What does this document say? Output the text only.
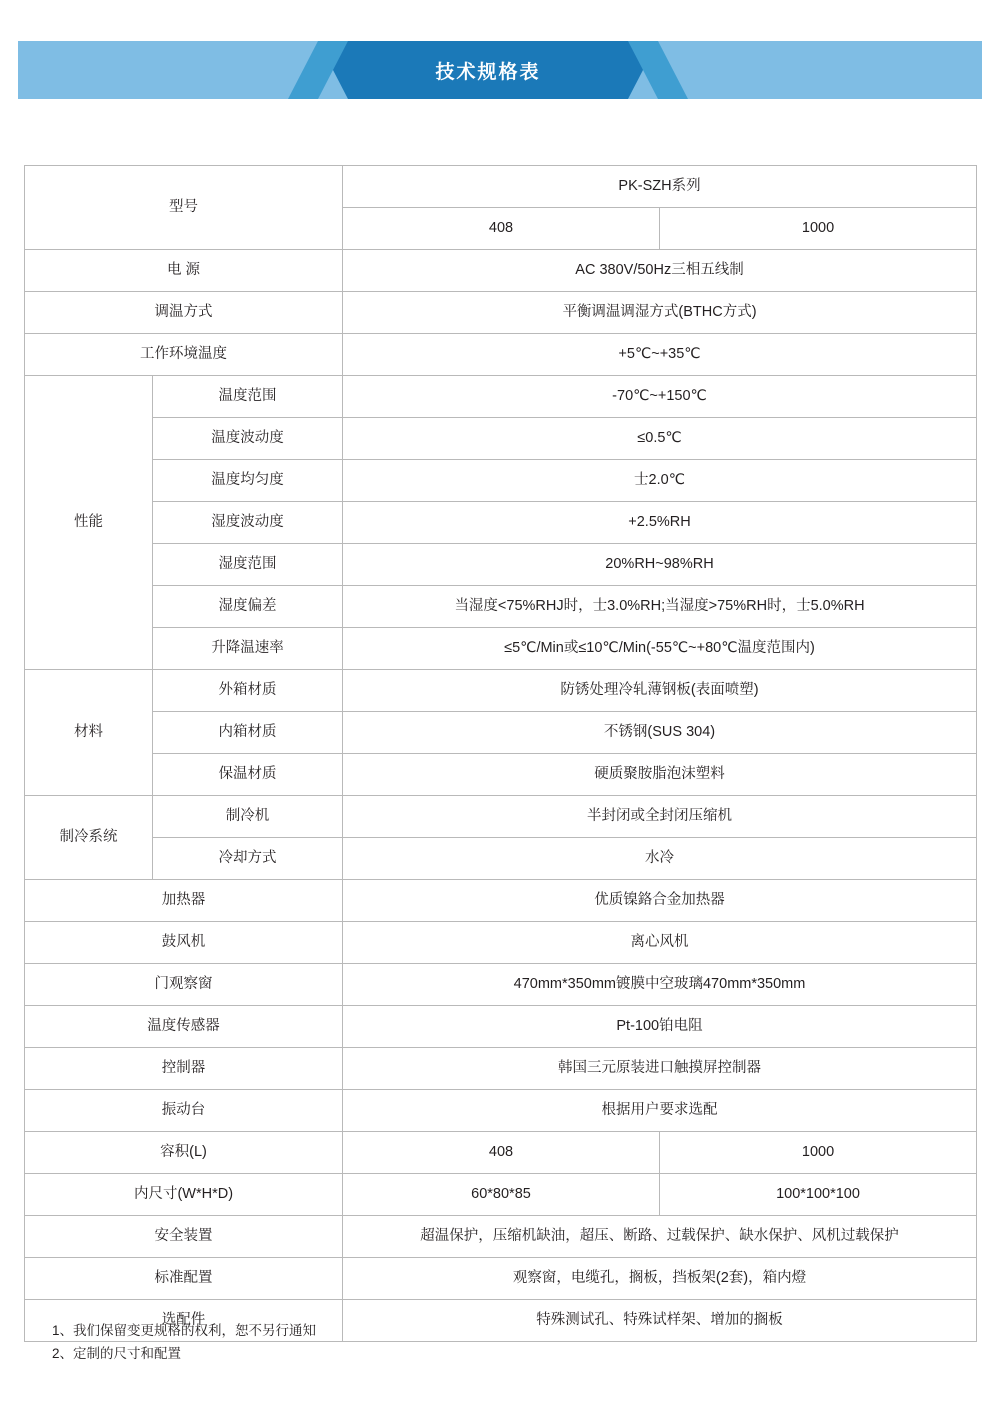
技术规格表
型号		PK-SZH系列	
		408	1000
电 源		AC 380V/50Hz三相五线制	
调温方式		平衡调温调湿方式(BTHC方式)	
工作环境温度		+5℃~+35℃	
性能	温度范围	-70℃~+150℃	
	温度波动度	≤0.5℃	
	温度均匀度	士2.0℃	
	湿度波动度	+2.5%RH	
	湿度范围	20%RH~98%RH	
	湿度偏差	当湿度<75%RHJ时，士3.0%RH;当湿度>75%RH时，士5.0%RH	
	升降温速率	≤5℃/Min或≤10℃/Min(-55℃~+80℃温度范围内)	
材料	外箱材质	防锈处理冷轧薄钢板(表面喷塑)	
	内箱材质	不锈钢(SUS 304)	
	保温材质	硬质聚胺脂泡沫塑料	
制冷系统	制冷机	半封闭或全封闭压缩机	
	冷却方式	水冷	
加热器		优质镍鉻合金加热器	
鼓风机		离心风机	
门观察窗		470mm*350mm镀膜中空玻璃470mm*350mm	
温度传感器		Pt-100铂电阻	
控制器		韩国三元原装进口触摸屏控制器	
振动台		根据用户要求选配	
容积(L)		408	1000
内尺寸(W*H*D)		60*80*85	100*100*100
安全装置		超温保护，压缩机缺油，超压、断路、过载保护、缺水保护、风机过载保护	
标准配置		观察窗，电缆孔，搁板，挡板架(2套)，箱内燈	
选配件		特殊测试孔、特殊试样架、增加的搁板	
1、我们保留变更规格的权利，恕不另行通知
2、定制的尺寸和配置
